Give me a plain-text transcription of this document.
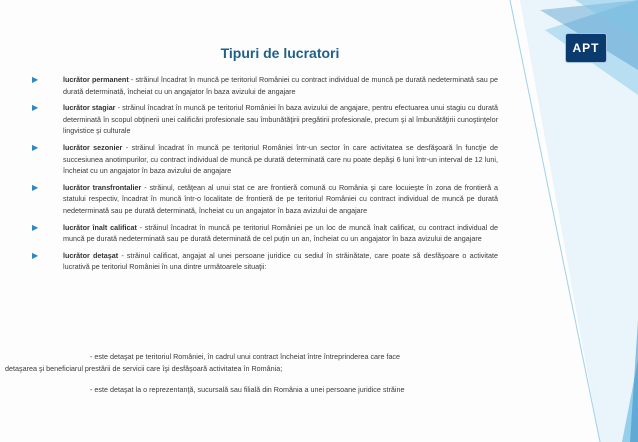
Tipuri de lucratori	APT
▶	lucrător permanent - străinul încadrat în muncă pe teritoriul României cu contract individual de muncă pe durată nedeterminată sau pe durată determinată, încheiat cu un angajator în baza avizului de angajare
▶	lucrător stagiar - străinul încadrat în muncă pe teritoriul României în baza avizului de angajare, pentru efectuarea unui stagiu cu durată determinată în scopul obţinerii unei calificări profesionale sau îmbunătăţirii pregătirii profesionale, precum şi al îmbunătăţirii cunoştinţelor lingvistice şi culturale
▶	lucrător sezonier - străinul încadrat în muncă pe teritoriul României într-un sector în care activitatea se desfăşoară în funcţie de succesiunea anotimpurilor, cu contract individual de muncă pe durată determinată care nu poate depăşi 6 luni într-un interval de 12 luni, încheiat cu un angajator în baza avizului de angajare
▶	lucrător transfrontalier - străinul, cetăţean al unui stat ce are frontieră comună cu România şi care locuieşte în zona de frontieră a statului respectiv, încadrat în muncă într-o localitate de frontieră de pe teritoriul României cu contract individual de muncă pe durată nedeterminată sau pe durată determinată, încheiat cu un angajator în baza avizului de angajare
▶	lucrător înalt calificat - străinul încadrat în muncă pe teritoriul României pe un loc de muncă înalt calificat, cu contract individual de muncă pe durată nedeterminată sau pe durată determinată de cel puţin un an, încheiat cu un angajator în baza avizului de angajare
▶	lucrător detaşat - străinul calificat, angajat al unei persoane juridice cu sediul în străinătate, care poate să desfăşoare o activitate lucrativă pe teritoriul României în una dintre următoarele situaţii:
- este detaşat pe teritoriul României, în cadrul unui contract încheiat între întreprinderea care face
detaşarea şi beneficiarul prestării de servicii care îşi desfăşoară activitatea în România;
- este detaşat la o reprezentanţă, sucursală sau filială din România a unei persoane juridice străine
